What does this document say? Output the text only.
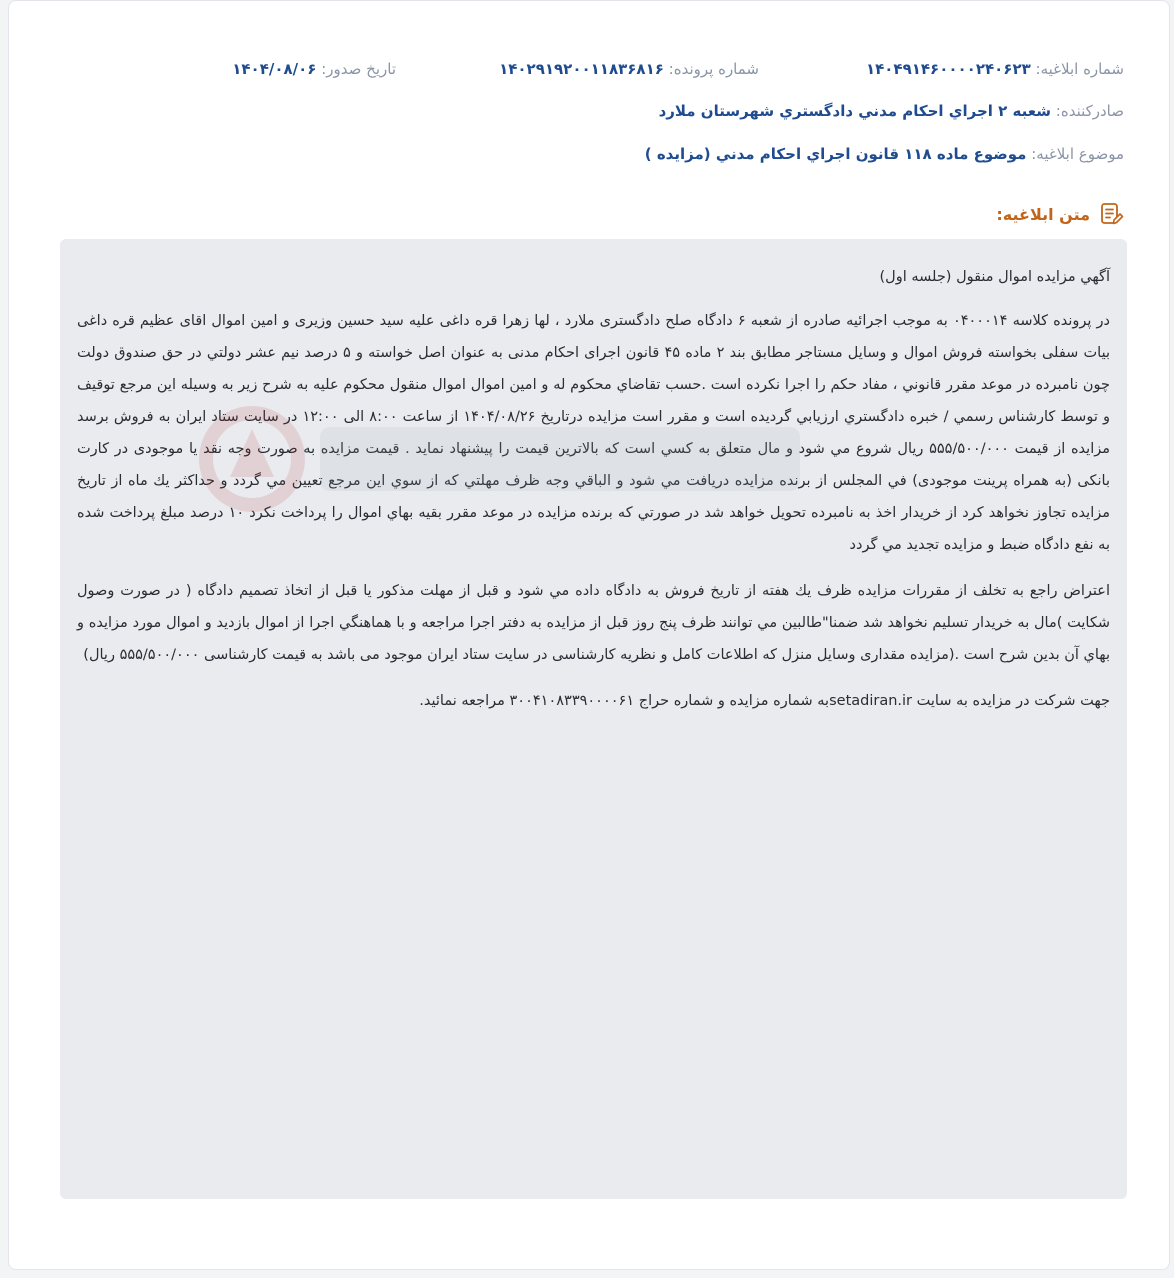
شماره ابلاغیه: ۱۴۰۴۹۱۴۶۰۰۰۰۲۴۰۶۲۳
شماره پرونده: ۱۴۰۲۹۱۹۲۰۰۱۱۸۳۶۸۱۶
تاریخ صدور: ۱۴۰۴/۰۸/۰۶
صادرکننده: شعبه ۲ اجراي احكام مدني دادگستري شهرستان ملارد
موضوع ابلاغیه: موضوع ماده ۱۱۸ قانون اجراي احكام مدني (مزايده )
متن ابلاغیه:

آگهي مزايده اموال منقول (جلسه اول)

در پرونده كلاسه ۰۴۰۰۰۱۴ به موجب اجرائيه صادره از شعبه ۶ دادگاه صلح دادگستری ملارد ، لها زهرا قره داغی علیه سید حسین وزیری و امین اموال اقای عظیم قره داغی بیات سفلی بخواسته فروش اموال و وسایل مستاجر مطابق بند ۲ ماده ۴۵ قانون اجرای احکام مدنی به عنوان اصل خواسته و ۵ درصد نيم عشر دولتي در حق صندوق دولت چون نامبرده در موعد مقرر قانوني ، مفاد حكم را اجرا نكرده است .حسب تقاضاي محكوم له و امین اموال اموال منقول محكوم عليه به شرح زير به وسيله اين مرجع توقيف و توسط كارشناس رسمي / خبره دادگستري ارزيابي گرديده است و مقرر است مزايده درتاريخ ۱۴۰۴/۰۸/۲۶ از ساعت ۸:۰۰ الی ۱۲:۰۰ در سایت ستاد ایران به فروش برسد مزايده از قيمت ۵۵۵/۵۰۰/۰۰۰ ريال شروع مي شود و مال متعلق به كسي است كه بالاترين قيمت را پيشنهاد نمايد . قيمت مزايده به صورت وجه نقد یا موجودی در کارت بانکی (به همراه پرینت موجودی) في المجلس از برنده مزايده دريافت مي شود و الباقي وجه ظرف مهلتي كه از سوي اين مرجع تعيين مي گردد و حداكثر يك ماه از تاريخ مزايده تجاوز نخواهد كرد از خريدار اخذ به نامبرده تحويل خواهد شد در صورتي كه برنده مزايده در موعد مقرر بقيه بهاي اموال را پرداخت نكرد ۱۰ درصد مبلغ پرداخت شده به نفع دادگاه ضبط و مزايده تجديد مي گردد

اعتراض راجع به تخلف از مقررات مزايده ظرف يك هفته از تاريخ فروش به دادگاه داده مي شود و قبل از مهلت مذكور يا قبل از اتخاذ تصميم دادگاه ( در صورت وصول شكايت )مال به خريدار تسليم نخواهد شد ضمنا"طالبين مي توانند ظرف پنج روز قبل از مزايده به دفتر اجرا مراجعه و با هماهنگي اجرا از اموال بازديد و اموال مورد مزايده و بهاي آن بدين شرح است .(مزایده مقداری وسایل منزل که اطلاعات کامل و نظریه کارشناسی در سایت ستاد ایران موجود می باشد به قیمت کارشناسی ۵۵۵/۵۰۰/۰۰۰ ریال)

جهت شرکت در مزایده به سایت setadiran.irبه شماره مزایده و شماره حراج ۳۰۰۴۱۰۸۳۳۹۰۰۰۰۶۱ مراجعه نمائید.
